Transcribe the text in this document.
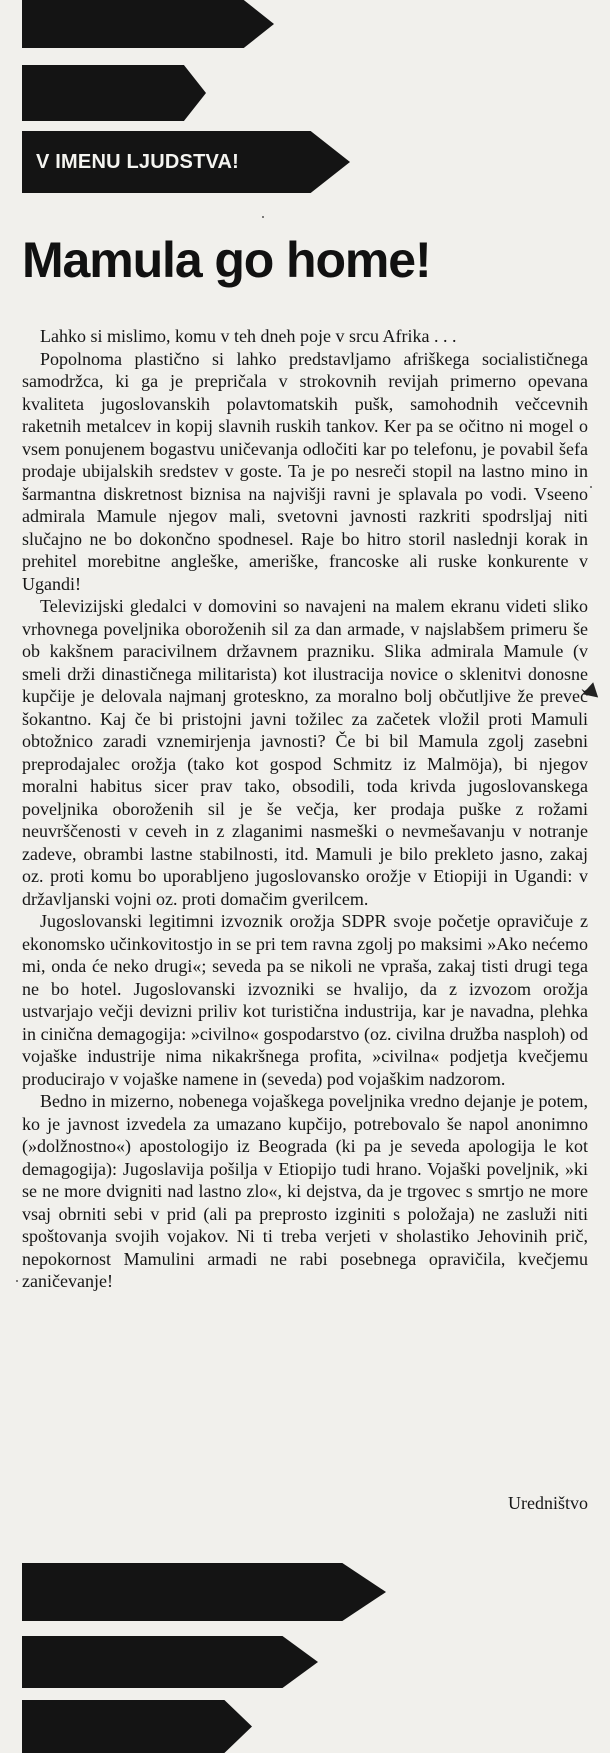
V IMENU LJUDSTVA!
Mamula go home!

Lahko si mislimo, komu v teh dneh poje v srcu Afrika . . .

Popolnoma plastično si lahko predstavljamo afriškega socialističnega samodržca, ki ga je prepričala v strokovnih revijah primerno opevana kvaliteta jugoslovanskih polavtomatskih pušk, samohodnih večcevnih raketnih metalcev in kopij slavnih ruskih tankov. Ker pa se očitno ni mogel o vsem ponujenem bogastvu uničevanja odločiti kar po telefonu, je povabil šefa prodaje ubijalskih sredstev v goste. Ta je po nesreči stopil na lastno mino in šarmantna diskretnost biznisa na najvišji ravni je splavala po vodi. Vseeno admirala Mamule njegov mali, svetovni javnosti razkriti spodrsljaj niti slučajno ne bo dokončno spodnesel. Raje bo hitro storil naslednji korak in prehitel morebitne angleške, ameriške, francoske ali ruske konkurente v Ugandi!

Televizijski gledalci v domovini so navajeni na malem ekranu videti sliko vrhovnega poveljnika oboroženih sil za dan armade, v najslabšem primeru še ob kakšnem paracivilnem državnem prazniku. Slika admirala Mamule (v smeli drži dinastičnega militarista) kot ilustracija novice o sklenitvi donosne kupčije je delovala najmanj groteskno, za moralno bolj občutljive že preveč šokantno. Kaj če bi pristojni javni tožilec za začetek vložil proti Mamuli obtožnico zaradi vznemirjenja javnosti? Če bi bil Mamula zgolj zasebni preprodajalec orožja (tako kot gospod Schmitz iz Malmöja), bi njegov moralni habitus sicer prav tako, obsodili, toda krivda jugoslovanskega poveljnika oboroženih sil je še večja, ker prodaja puške z rožami neuvrščenosti v ceveh in z zlaganimi nasmeški o nevmešavanju v notranje zadeve, obrambi lastne stabilnosti, itd. Mamuli je bilo prekleto jasno, zakaj oz. proti komu bo uporabljeno jugoslovansko orožje v Etiopiji in Ugandi: v državljanski vojni oz. proti domačim gverilcem.

Jugoslovanski legitimni izvoznik orožja SDPR svoje početje opravičuje z ekonomsko učinkovitostjo in se pri tem ravna zgolj po maksimi »Ako nećemo mi, onda će neko drugi«; seveda pa se nikoli ne vpraša, zakaj tisti drugi tega ne bo hotel. Jugoslovanski izvozniki se hvalijo, da z izvozom orožja ustvarjajo večji devizni priliv kot turistična industrija, kar je navadna, plehka in cinična demagogija: »civilno« gospodarstvo (oz. civilna družba nasploh) od vojaške industrije nima nikakršnega profita, »civilna« podjetja kvečjemu producirajo v vojaške namene in (seveda) pod vojaškim nadzorom.

Bedno in mizerno, nobenega vojaškega poveljnika vredno dejanje je potem, ko je javnost izvedela za umazano kupčijo, potrebovalo še napol anonimno (»dolžnostno«) apostologijo iz Beograda (ki pa je seveda apologija le kot demagogija): Jugoslavija pošilja v Etiopijo tudi hrano. Vojaški poveljnik, »ki se ne more dvigniti nad lastno zlo«, ki dejstva, da je trgovec s smrtjo ne more vsaj obrniti sebi v prid (ali pa preprosto izginiti s položaja) ne zasluži niti spoštovanja svojih vojakov. Ni ti treba verjeti v sholastiko Jehovinih prič, nepokornost Mamulini armadi ne rabi posebnega opravičila, kvečjemu zaničevanje!

Uredništvo
